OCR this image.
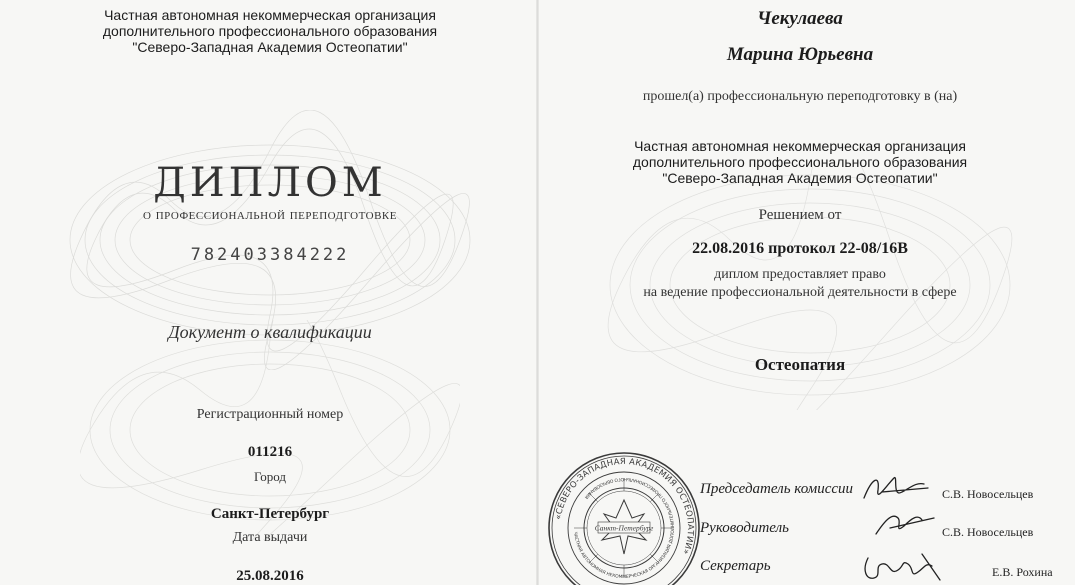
Частная автономная некоммерческая организация
дополнительного профессионального образования
"Северо-Западная Академия Остеопатии"
ДИПЛОМ
о профессиональной переподготовке
782403384222
Документ о квалификации
Регистрационный номер
011216
Город
Санкт-Петербург
Дата выдачи
25.08.2016
Чекулаева
Марина Юрьевна
прошел(а) профессиональную переподготовку в (на)
Частная автономная некоммерческая организация
дополнительного профессионального образования
"Северо-Западная Академия Остеопатии"
Решением от
22.08.2016 протокол 22-08/16В
диплом предоставляет право
на ведение профессиональной деятельности в сфере
Остеопатия
«СЕВЕРО-ЗАПАДНАЯ АКАДЕМИЯ ОСТЕОПАТИИ»
ЧАСТНАЯ АВТОНОМНАЯ НЕКОММЕРЧЕСКАЯ ОРГАНИЗАЦИЯ ДОПОЛНИТЕЛЬНОГО ПРОФЕССИОНАЛЬНОГО ОБРАЗОВАНИЯ
Санкт-Петербург
Председатель комиссии
Руководитель
Секретарь
С.В. Новосельцев
С.В. Новосельцев
Е.В. Рохина
